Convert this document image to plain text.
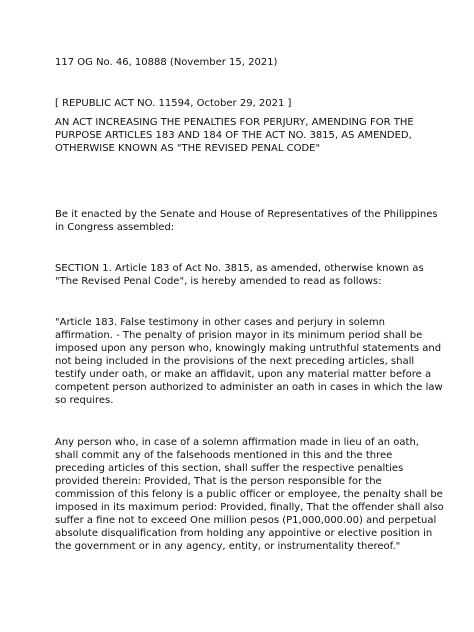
117 OG No. 46, 10888 (November 15, 2021)

[ REPUBLIC ACT NO. 11594, October 29, 2021 ]

AN ACT INCREASING THE PENALTIES FOR PERJURY, AMENDING FOR THE
PURPOSE ARTICLES 183 AND 184 OF THE ACT NO. 3815, AS AMENDED,
OTHERWISE KNOWN AS "THE REVISED PENAL CODE"

Be it enacted by the Senate and House of Representatives of the Philippines
in Congress assembled:

SECTION 1. Article 183 of Act No. 3815, as amended, otherwise known as
"The Revised Penal Code", is hereby amended to read as follows:

"Article 183. False testimony in other cases and perjury in solemn
affirmation. - The penalty of prision mayor in its minimum period shall be
imposed upon any person who, knowingly making untruthful statements and
not being included in the provisions of the next preceding articles, shall
testify under oath, or make an affidavit, upon any material matter before a
competent person authorized to administer an oath in cases in which the law
so requires.

Any person who, in case of a solemn affirmation made in lieu of an oath,
shall commit any of the falsehoods mentioned in this and the three
preceding articles of this section, shall suffer the respective penalties
provided therein: Provided, That is the person responsible for the
commission of this felony is a public officer or employee, the penalty shall be
imposed in its maximum period: Provided, finally, That the offender shall also
suffer a fine not to exceed One million pesos (P1,000,000.00) and perpetual
absolute disqualification from holding any appointive or elective position in
the government or in any agency, entity, or instrumentality thereof."
